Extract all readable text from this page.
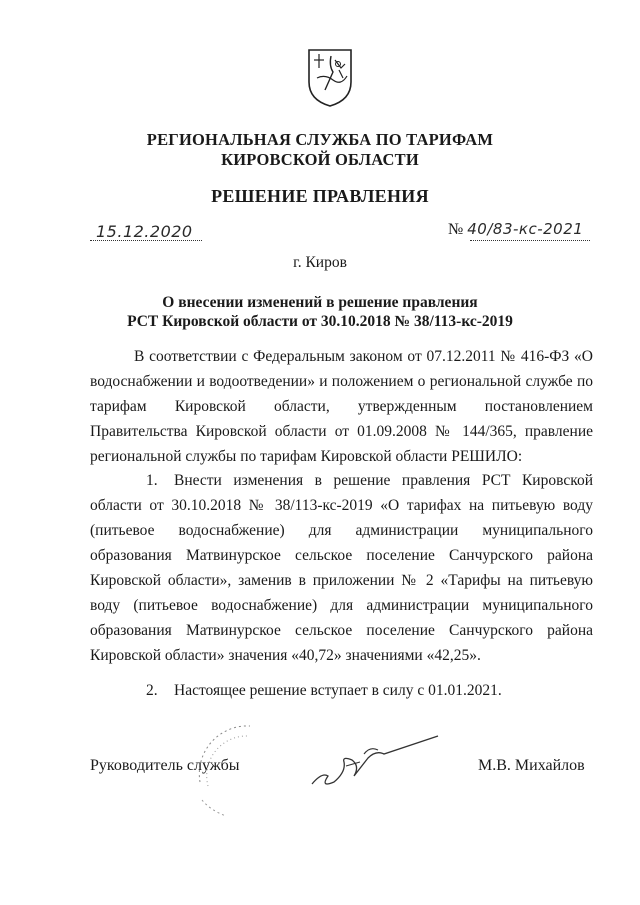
РЕГИОНАЛЬНАЯ СЛУЖБА ПО ТАРИФАМ
КИРОВСКОЙ ОБЛАСТИ
РЕШЕНИЕ ПРАВЛЕНИЯ
15.12.2020	№ 40/83-кс-2021
г. Киров
О внесении изменений в решение правления
РСТ Кировской области от 30.10.2018 № 38/113-кс-2019
В соответствии с Федеральным законом от 07.12.2011 № 416-ФЗ «О водоснабжении и водоотведении» и положением о региональной службе по тарифам Кировской области, утвержденным постановлением Правительства Кировской области от 01.09.2008 № 144/365, правление региональной службы по тарифам Кировской области РЕШИЛО:
1. Внести изменения в решение правления РСТ Кировской области от 30.10.2018 № 38/113-кс-2019 «О тарифах на питьевую воду (питьевое водоснабжение) для администрации муниципального образования Матвинурское сельское поселение Санчурского района Кировской области», заменив в приложении № 2 «Тарифы на питьевую воду (питьевое водоснабжение) для администрации муниципального образования Матвинурское сельское поселение Санчурского района Кировской области» значения «40,72» значениями «42,25».
2. Настоящее решение вступает в силу с 01.01.2021.
Руководитель службы	М.В. Михайлов
